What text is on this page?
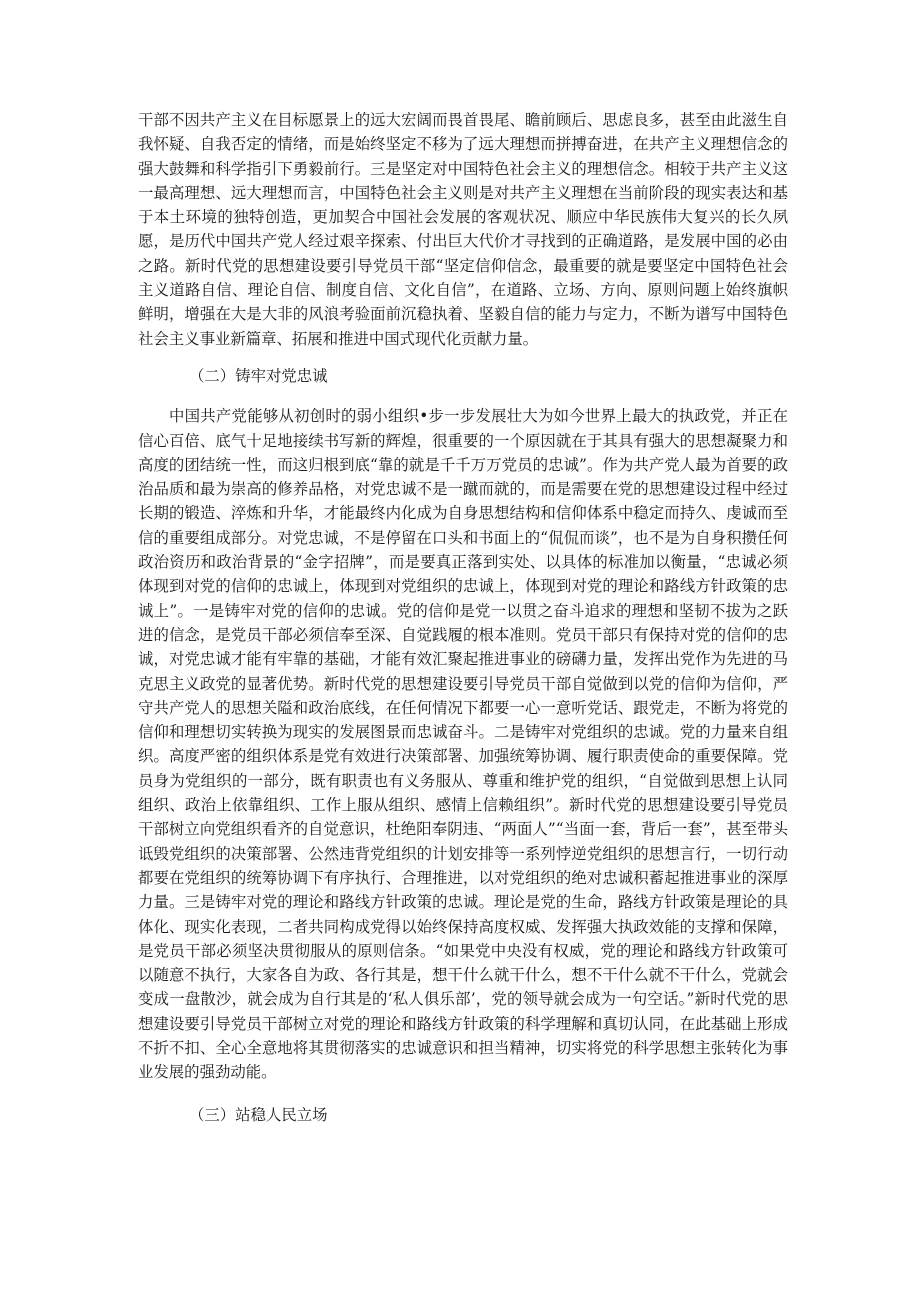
干部不因共产主义在目标愿景上的远大宏阔而畏首畏尾、瞻前顾后、思虑良多，甚至由此滋生自我怀疑、自我否定的情绪，而是始终坚定不移为了远大理想而拼搏奋进，在共产主义理想信念的强大鼓舞和科学指引下勇毅前行。三是坚定对中国特色社会主义的理想信念。相较于共产主义这一最高理想、远大理想而言，中国特色社会主义则是对共产主义理想在当前阶段的现实表达和基于本土环境的独特创造，更加契合中国社会发展的客观状况、顺应中华民族伟大复兴的长久夙愿，是历代中国共产党人经过艰辛探索、付出巨大代价才寻找到的正确道路，是发展中国的必由之路。新时代党的思想建设要引导党员干部“坚定信仰信念，最重要的就是要坚定中国特色社会主义道路自信、理论自信、制度自信、文化自信”，在道路、立场、方向、原则问题上始终旗帜鲜明，增强在大是大非的风浪考验面前沉稳执着、坚毅自信的能力与定力，不断为谱写中国特色社会主义事业新篇章、拓展和推进中国式现代化贡献力量。

（二）铸牢对党忠诚

中国共产党能够从初创时的弱小组织•步一步发展壮大为如今世界上最大的执政党，并正在信心百倍、底气十足地接续书写新的辉煌，很重要的一个原因就在于其具有强大的思想凝聚力和高度的团结统一性，而这归根到底“靠的就是千千万万党员的忠诚”。作为共产党人最为首要的政治品质和最为崇高的修养品格，对党忠诚不是一蹴而就的，而是需要在党的思想建设过程中经过长期的锻造、淬炼和升华，才能最终内化成为自身思想结构和信仰体系中稳定而持久、虔诚而至信的重要组成部分。对党忠诚，不是停留在口头和书面上的“侃侃而谈”，也不是为自身积攒任何政治资历和政治背景的“金字招牌”，而是要真正落到实处、以具体的标准加以衡量，“忠诚必须体现到对党的信仰的忠诚上，体现到对党组织的忠诚上，体现到对党的理论和路线方针政策的忠诚上”。一是铸牢对党的信仰的忠诚。党的信仰是党一以贯之奋斗追求的理想和坚韧不拔为之跃进的信念，是党员干部必须信奉至深、自觉践履的根本准则。党员干部只有保持对党的信仰的忠诚，对党忠诚才能有牢靠的基础，才能有效汇聚起推进事业的磅礴力量，发挥出党作为先进的马克思主义政党的显著优势。新时代党的思想建设要引导党员干部自觉做到以党的信仰为信仰，严守共产党人的思想关隘和政治底线，在任何情况下都要一心一意听党话、跟党走，不断为将党的信仰和理想切实转换为现实的发展图景而忠诚奋斗。二是铸牢对党组织的忠诚。党的力量来自组织。高度严密的组织体系是党有效进行决策部署、加强统筹协调、履行职责使命的重要保障。党员身为党组织的一部分，既有职责也有义务服从、尊重和维护党的组织，“自觉做到思想上认同组织、政治上依靠组织、工作上服从组织、感情上信赖组织”。新时代党的思想建设要引导党员干部树立向党组织看齐的自觉意识，杜绝阳奉阴违、“两面人”“当面一套，背后一套”，甚至带头诋毁党组织的决策部署、公然违背党组织的计划安排等一系列悖逆党组织的思想言行，一切行动都要在党组织的统筹协调下有序执行、合理推进，以对党组织的绝对忠诚积蓄起推进事业的深厚力量。三是铸牢对党的理论和路线方针政策的忠诚。理论是党的生命，路线方针政策是理论的具体化、现实化表现，二者共同构成党得以始终保持高度权威、发挥强大执政效能的支撑和保障，是党员干部必须坚决贯彻服从的原则信条。“如果党中央没有权威，党的理论和路线方针政策可以随意不执行，大家各自为政、各行其是，想干什么就干什么，想不干什么就不干什么，党就会变成一盘散沙，就会成为自行其是的‘私人俱乐部’，党的领导就会成为一句空话。”新时代党的思想建设要引导党员干部树立对党的理论和路线方针政策的科学理解和真切认同，在此基础上形成不折不扣、全心全意地将其贯彻落实的忠诚意识和担当精神，切实将党的科学思想主张转化为事业发展的强劲动能。

（三）站稳人民立场
